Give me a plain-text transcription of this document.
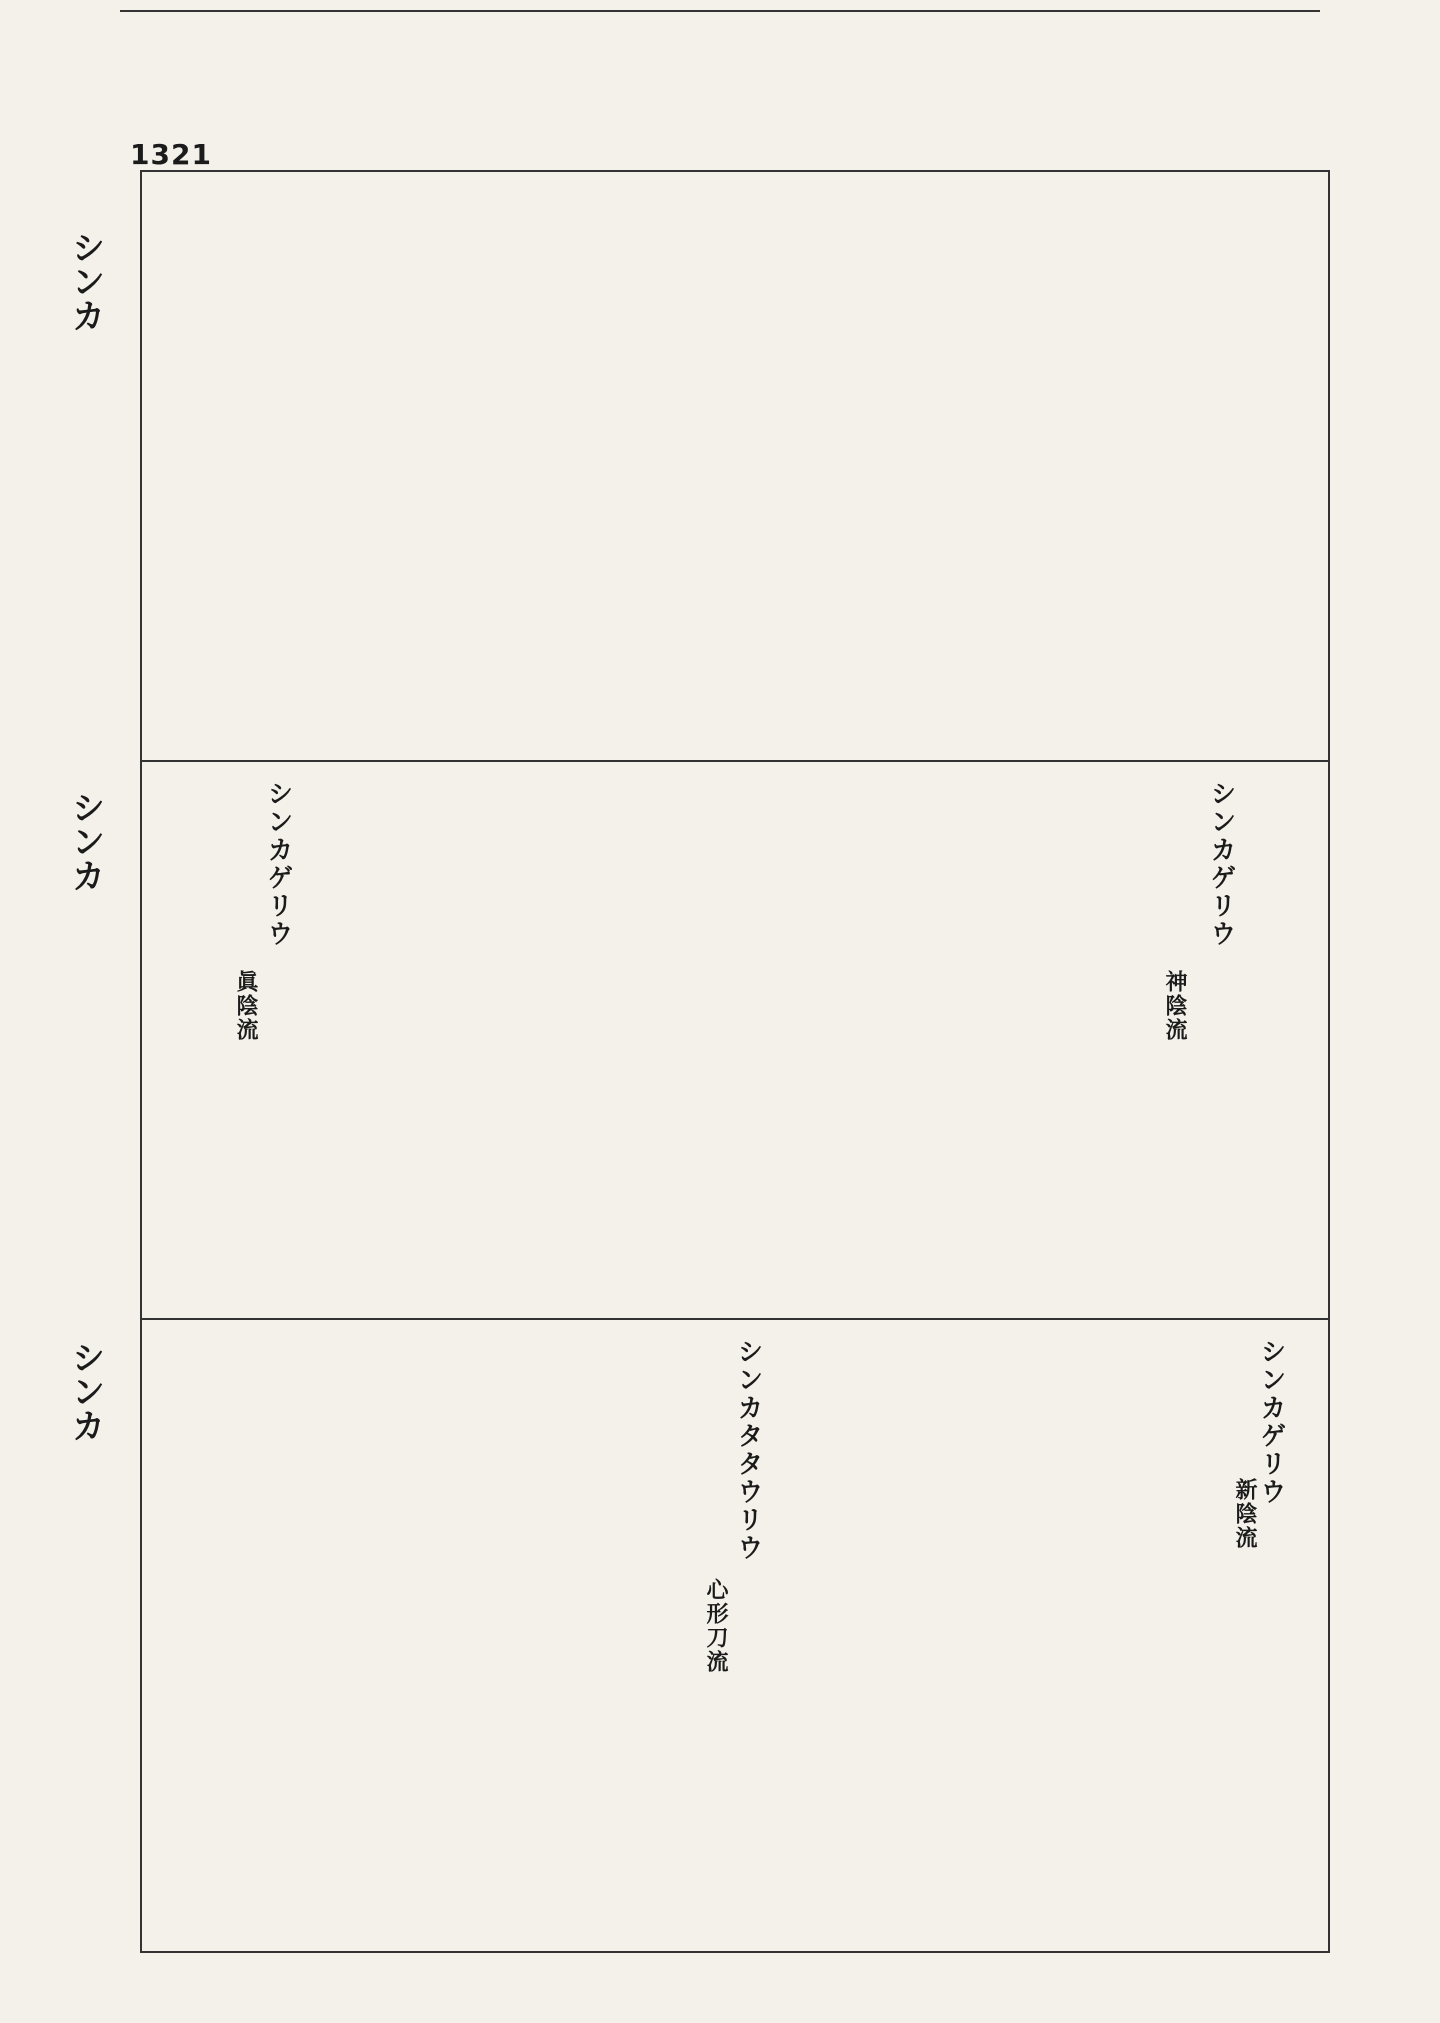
1321
シンカ
シンカ
シンカ
シンカゲリウ
神陰流
シンカゲリウ
眞陰流
シンカゲリウ
新陰流
シンカタタウリウ
心形刀流
